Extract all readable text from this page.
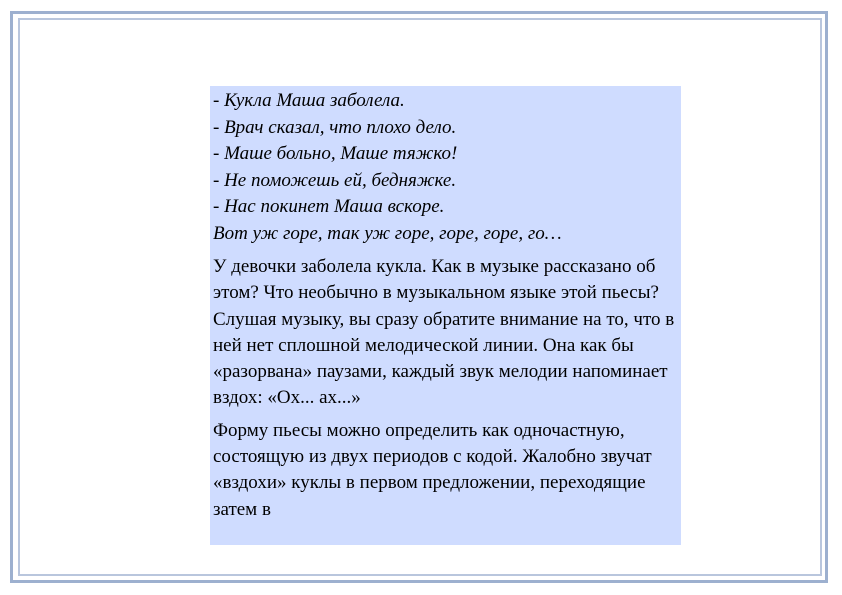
- Кукла Маша заболела.
- Врач сказал, что плохо дело.
- Маше больно, Маше тяжко!
- Не поможешь ей, бедняжке.
- Нас покинет Маша вскоре.
Вот уж горе, так уж горе, горе, горе, го…

У девочки заболела кукла. Как в музыке рассказано об этом? Что необычно в музыкальном языке этой пьесы? Слушая музыку, вы сразу обратите внимание на то, что в ней нет сплошной мелодической линии. Она как бы «разорвана» паузами, каждый звук мелодии напоминает вздох: «Ох... ах...»

Форму пьесы можно определить как одночастную, состоящую из двух периодов с кодой. Жалобно звучат «вздохи» куклы в первом предложении, переходящие затем в
